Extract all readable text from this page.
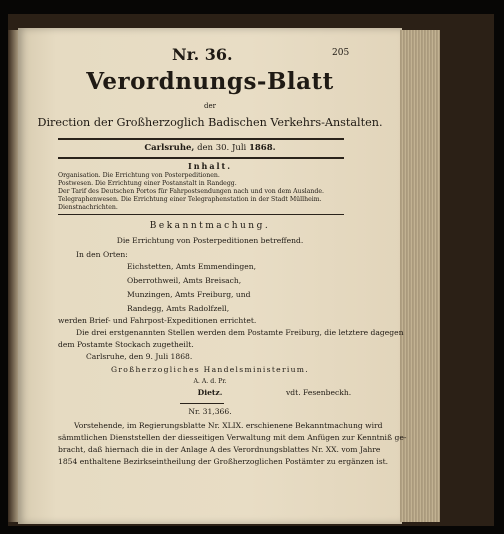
Nr. 36.	205
Verordnungs-Blatt
der
Direction der Großherzoglich Badischen Verkehrs-Anstalten.
Carlsruhe, den 30. Juli 1868.
Inhalt.
Organisation. Die Errichtung von Posterpeditionen.
Postwesen. Die Errichtung einer Postanstalt in Randegg.
Der Tarif des Deutschen Portos für Fahrpostsendungen nach und von dem Auslande.
Telegraphenwesen. Die Errichtung einer Telegraphenstation in der Stadt Müllheim.
Dienstnachrichten.
Bekanntmachung.
Die Errichtung von Posterpeditionen betreffend.
In den Orten:
Eichstetten, Amts Emmendingen,
Oberrothweil, Amts Breisach,
Munzingen, Amts Freiburg, und
Randegg, Amts Radolfzell,
werden Brief- und Fahrpost-Expeditionen errichtet.
Die drei erstgenannten Stellen werden dem Postamte Freiburg, die letztere dagegen
dem Postamte Stockach zugetheilt.
Carlsruhe, den 9. Juli 1868.
Großherzogliches Handelsministerium.
A. A. d. Pr.
Dietz.	vdt. Fesenbeckh.
Nr. 31,366.
Vorstehende, im Regierungsblatte Nr. XLIX. erschienene Bekanntmachung wird
sämmtlichen Dienststellen der diesseitigen Verwaltung mit dem Anfügen zur Kenntniß ge-
bracht, daß hiernach die in der Anlage A des Verordnungsblattes Nr. XX. vom Jahre
1854 enthaltene Bezirkseintheilung der Großherzoglichen Postämter zu ergänzen ist.
